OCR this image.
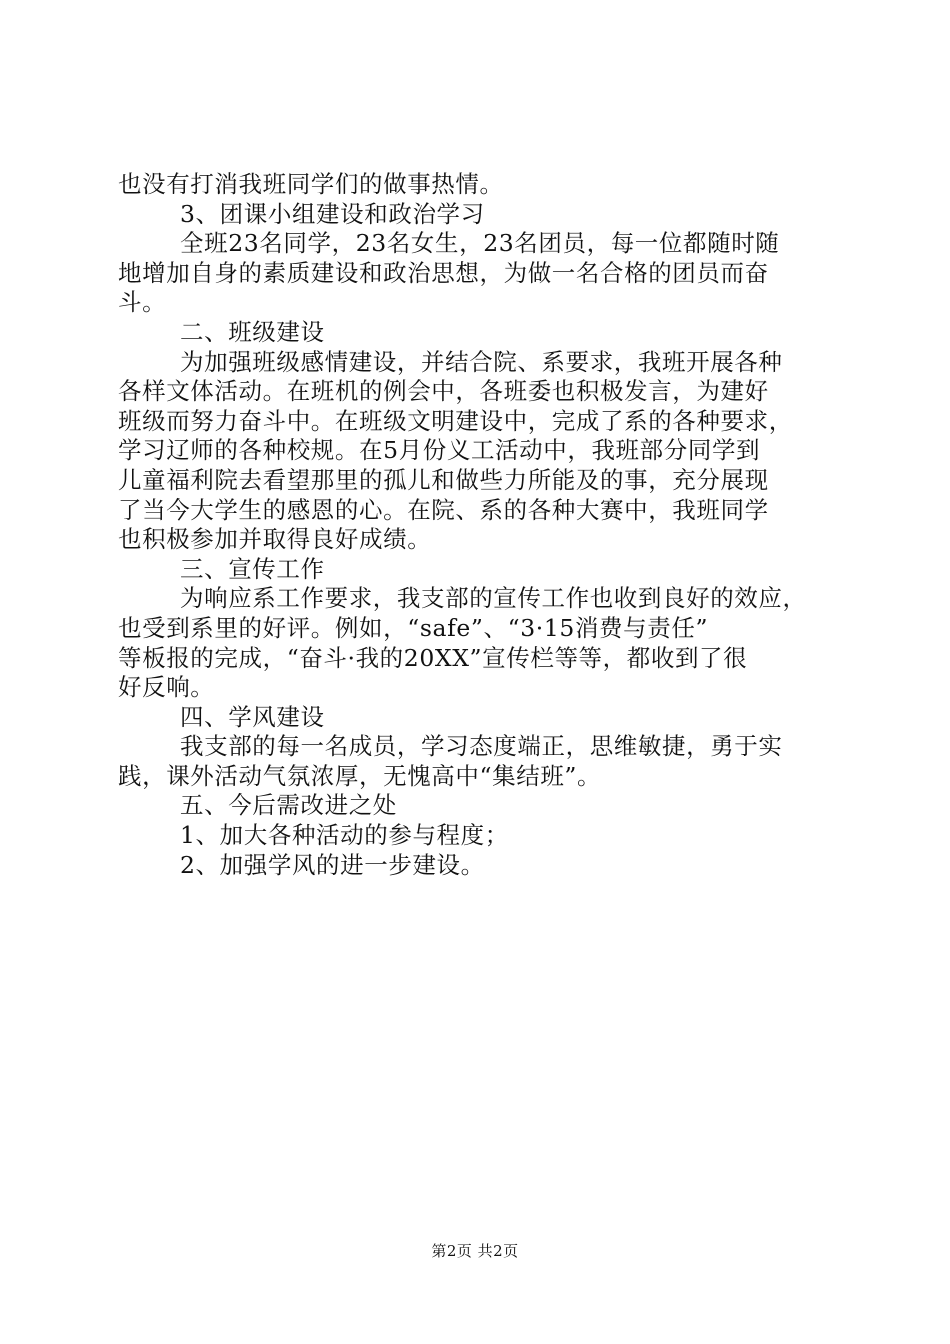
也没有打消我班同学们的做事热情。
3、团课小组建设和政治学习
全班23名同学，23名女生，23名团员，每一位都随时随
地增加自身的素质建设和政治思想，为做一名合格的团员而奋
斗。
二、班级建设
为加强班级感情建设，并结合院、系要求，我班开展各种
各样文体活动。在班机的例会中，各班委也积极发言，为建好
班级而努力奋斗中。在班级文明建设中，完成了系的各种要求，
学习辽师的各种校规。在5月份义工活动中，我班部分同学到
儿童福利院去看望那里的孤儿和做些力所能及的事，充分展现
了当今大学生的感恩的心。在院、系的各种大赛中，我班同学
也积极参加并取得良好成绩。
三、宣传工作
为响应系工作要求，我支部的宣传工作也收到良好的效应，
也受到系里的好评。例如，“safe”、“3·15消费与责任”
等板报的完成，“奋斗·我的20XX”宣传栏等等，都收到了很
好反响。
四、学风建设
我支部的每一名成员，学习态度端正，思维敏捷，勇于实
践，课外活动气氛浓厚，无愧高中“集结班”。
五、今后需改进之处
1、加大各种活动的参与程度；
2、加强学风的进一步建设。
第2页 共2页
